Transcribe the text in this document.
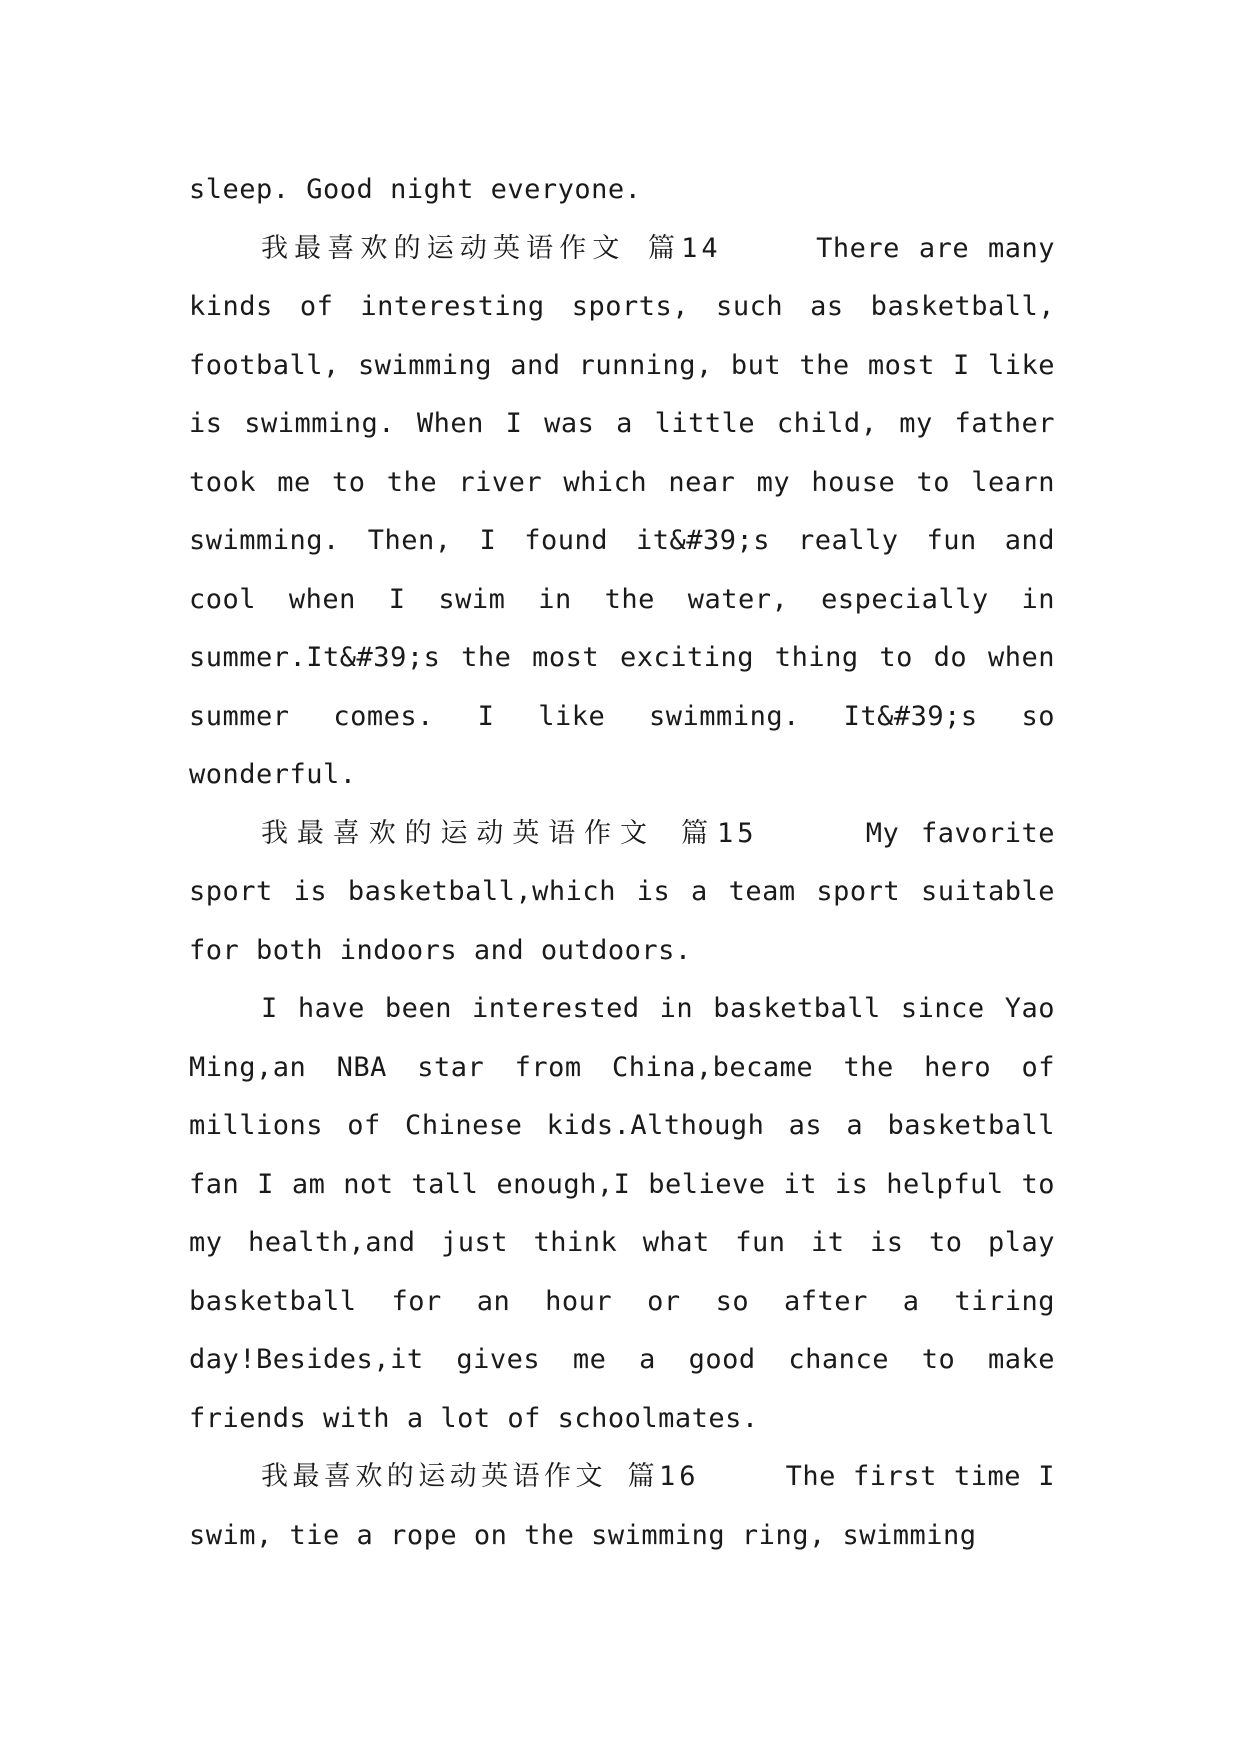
sleep. Good night everyone.

我最喜欢的运动英语作文 篇14	There are many kinds of interesting sports, such as basketball, football, swimming and running, but the most I like is swimming. When I was a little child, my father took me to the river which near my house to learn swimming. Then, I found it&#39;s really fun and cool when I swim in the water, especially in summer.It&#39;s the most exciting thing to do when summer comes. I like swimming. It&#39;s so wonderful.

我最喜欢的运动英语作文 篇15	My favorite sport is basketball,which is a team sport suitable for both indoors and outdoors.

I have been interested in basketball since Yao Ming,an NBA star from China,became the hero of millions of Chinese kids.Although as a basketball fan I am not tall enough,I believe it is helpful to my health,and just think what fun it is to play basketball for an hour or so after a tiring day!Besides,it gives me a good chance to make friends with a lot of schoolmates.

我最喜欢的运动英语作文 篇16	The first time I swim, tie a rope on the swimming ring, swimming
